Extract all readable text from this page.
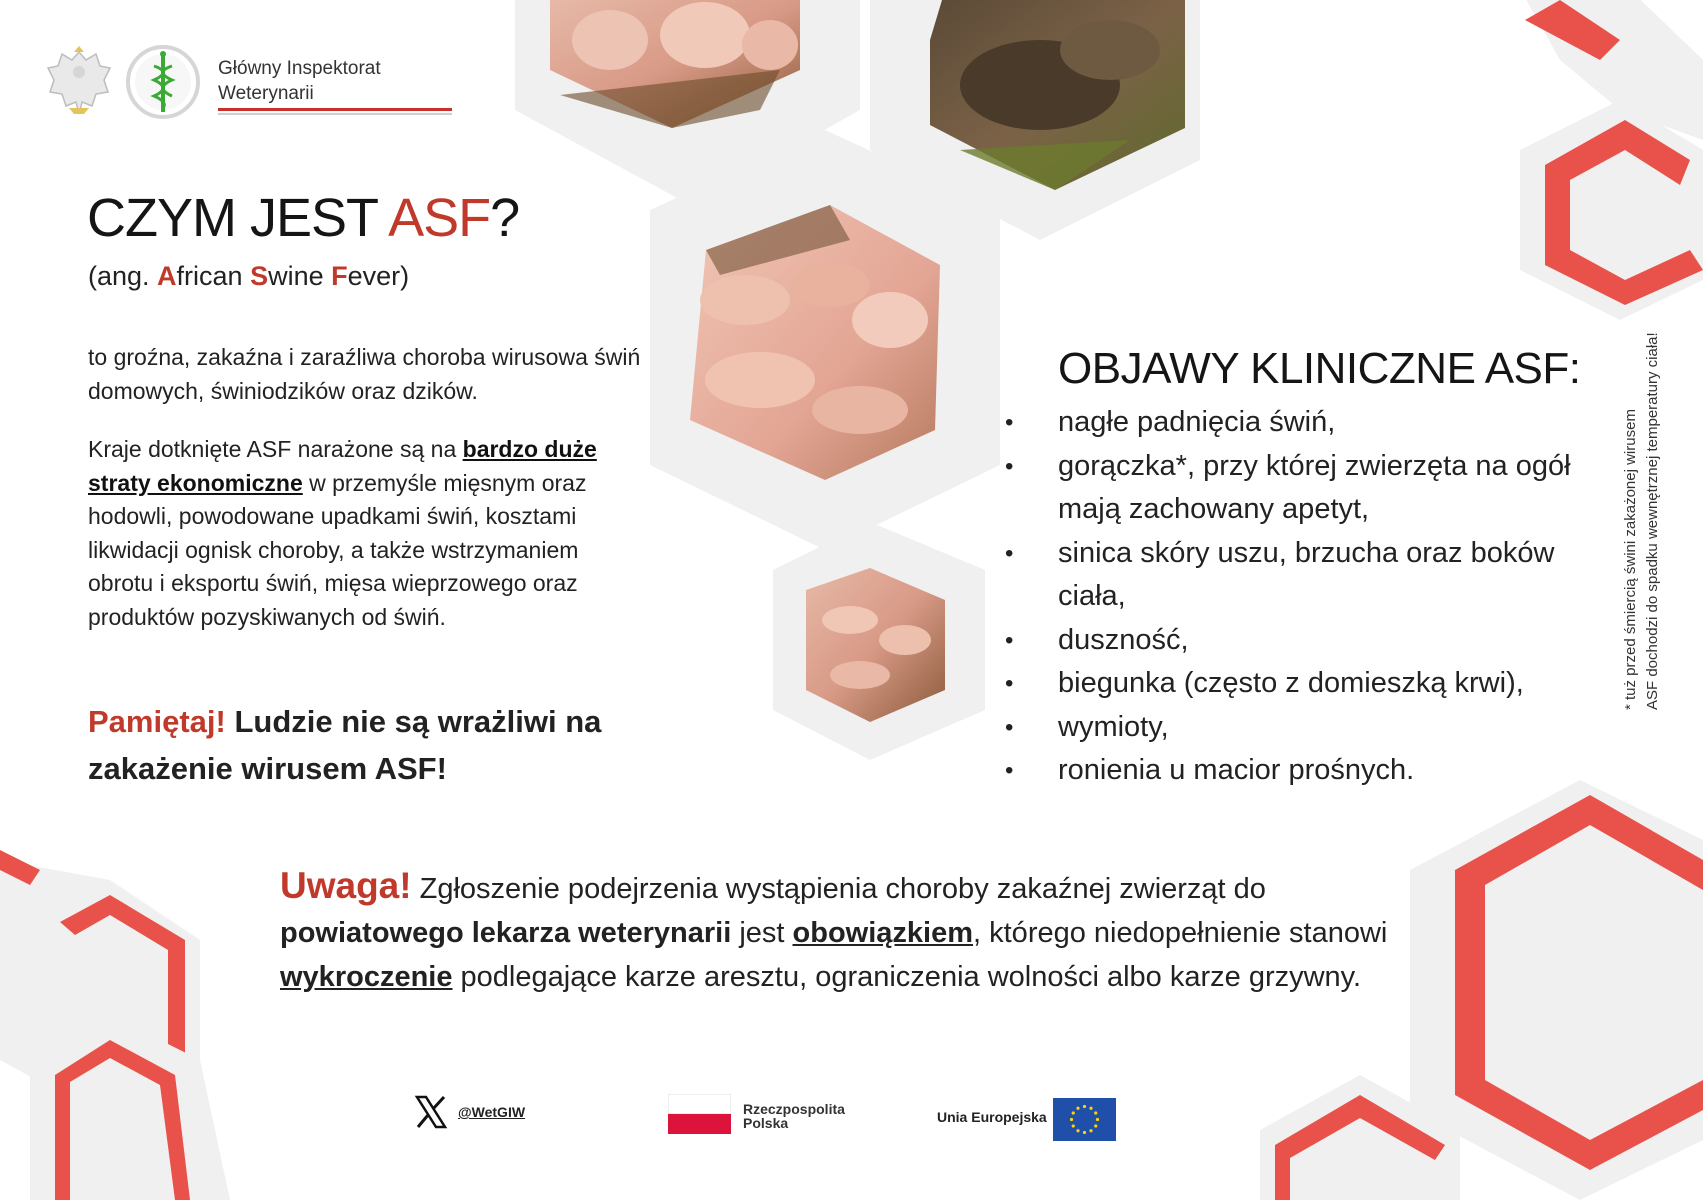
Główny Inspektorat
Weterynarii
CZYM JEST ASF?
(ang. African Swine Fever)
to groźna, zakaźna i zaraźliwa choroba wirusowa świń domowych, świniodzików oraz dzików.
Kraje dotknięte ASF narażone są na bardzo duże straty ekonomiczne w przemyśle mięsnym oraz hodowli, powodowane upadkami świń, kosztami likwidacji ognisk choroby, a także wstrzymaniem obrotu i eksportu świń, mięsa wieprzowego oraz produktów pozyskiwanych od świń.
Pamiętaj! Ludzie nie są wrażliwi na zakażenie wirusem ASF!
OBJAWY KLINICZNE ASF:
• nagłe padnięcia świń,
• gorączka*, przy której zwierzęta na ogół mają zachowany apetyt,
• sinica skóry uszu, brzucha oraz boków ciała,
• duszność,
• biegunka (często z domieszką krwi),
• wymioty,
• ronienia u macior prośnych.
* tuż przed śmiercią świni zakażonej wirusem ASF dochodzi do spadku wewnętrznej temperatury ciała!
Uwaga! Zgłoszenie podejrzenia wystąpienia choroby zakaźnej zwierząt do powiatowego lekarza weterynarii jest obowiązkiem, którego niedopełnienie stanowi wykroczenie podlegające karze aresztu, ograniczenia wolności albo karze grzywny.
@WetGIW	Rzeczpospolita
Polska	Unia Europejska
